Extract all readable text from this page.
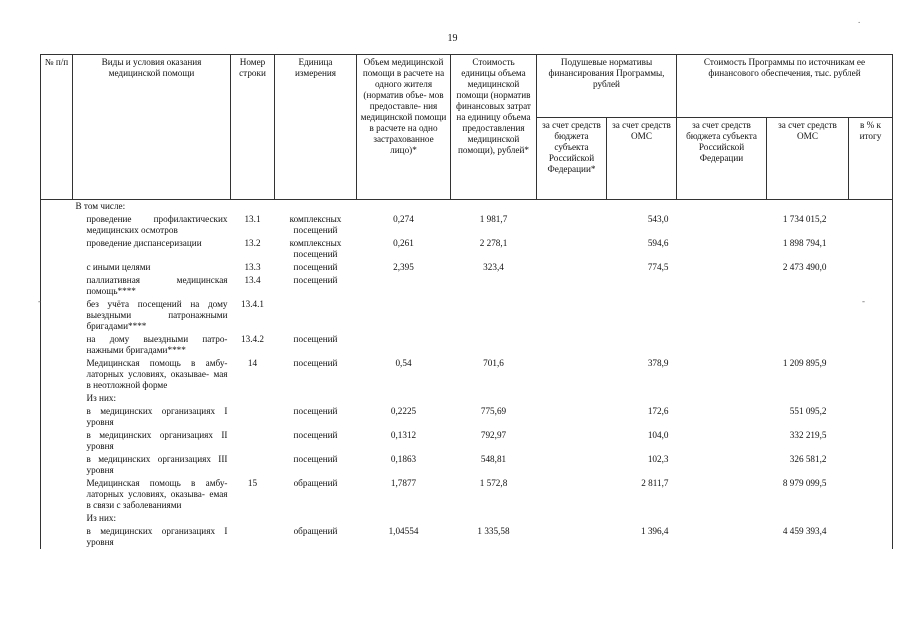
19
№ п/п	Виды и условия оказания медицинской помощи	Номер строки	Единица измерения	Объем медицинской помощи в расчете на одного жителя (норматив объе- мов предоставле- ния медицинской помощи в расчете на одно застрахованное лицо)*	Стоимость единицы объема медицинской помощи (норматив финансовых затрат на единицу объема предоставления медицинской помощи), рублей*	Подушевые нормативы финансирования Программы, рублей		Стоимость Программы по источникам ее финансового обеспечения, тыс. рублей		
						за счет средств бюджета субъекта Российской Федерации*	за счет средств ОМС	за счет средств бюджета субъекта Российской Федерации	за счет средств ОМС	в % к итогу
	В том числе:									
	проведение профилактических медицинских осмотров	13.1	комплексных посещений	0,274	1 981,7		543,0		1 734 015,2	
	проведение диспансеризации	13.2	комплексных посещений	0,261	2 278,1		594,6		1 898 794,1	
	с иными целями	13.3	посещений	2,395	323,4		774,5		2 473 490,0	
	паллиативная медицинская помощь****	13.4	посещений							
	без учёта посещений на дому выездными патронажными бригадами****	13.4.1								
	на дому выездными патро- нажными бригадами****	13.4.2	посещений							
	Медицинская помощь в амбу- латорных условиях, оказывае- мая в неотложной форме	14	посещений	0,54	701,6		378,9		1 209 895,9	
	Из них:									
	в медицинских организациях I уровня		посещений	0,2225	775,69		172,6		551 095,2	
	в медицинских организациях II уровня		посещений	0,1312	792,97		104,0		332 219,5	
	в медицинских организациях III уровня		посещений	0,1863	548,81		102,3		326 581,2	
	Медицинская помощь в амбу- латорных условиях, оказыва- емая в связи с заболеваниями	15	обращений	1,7877	1 572,8		2 811,7		8 979 099,5	
	Из них:									
	в медицинских организациях I уровня		обращений	1,04554	1 335,58		1 396,4		4 459 393,4	
-
.
-
